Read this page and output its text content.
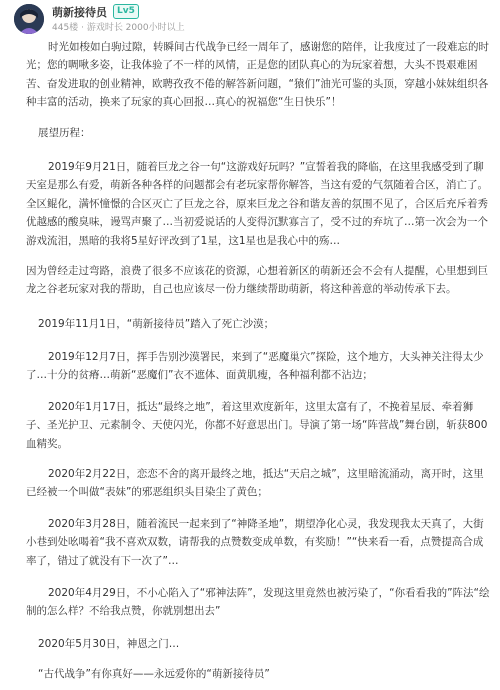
萌新接待员	Lv5
445楼 · 游戏时长 2000小时以上
时光如梭如白驹过隙，转瞬间古代战争已经一周年了，感谢您的陪伴，让我度过了一段难忘的时光；您的啁啾多姿，让我体验了不一样的风情，正是您的团队真心的为玩家着想，大头不畏艰难困苦、奋发进取的创业精神，欧聘孜孜不倦的解答新问题，“猿们”油光可鉴的头顶，穿越小妹妹组织各种丰富的活动，换来了玩家的真心回报…真心的祝福您“生日快乐”！
展望历程：
2019年9月21日，随着巨龙之谷一句“这游戏好玩吗？”宣誓着我的降临，在这里我感受到了聊天室是那么有爱，萌新各种各样的问题都会有老玩家帮你解答，当这有爱的气氛随着合区，消亡了。全区鲲化，满怀憧憬的合区灭亡了巨龙之谷，原来巨龙之谷和谐友善的氛围不见了，合区后充斥着秀优越感的酸臭味，谩骂声聚了…当初爱说话的人变得沉默寡言了，受不过的弃坑了…第一次会为一个游戏流泪，黑暗的我将5星好评改到了1星，这1星也是我心中的殇…
因为曾经走过弯路，浪费了很多不应该花的资源，心想着新区的萌新还会不会有人提醒，心里想到巨龙之谷老玩家对我的帮助，自己也应该尽一份力继续帮助萌新，将这种善意的举动传承下去。
2019年11月1日，“萌新接待员”踏入了死亡沙漠；
2019年12月7日，挥手告别沙漠署民，来到了“恶魔巢穴”探险，这个地方，大头神关注得太少了…十分的贫瘠…萌新“恶魔们”衣不遮体、面黄肌瘦，各种福利都不沾边；
2020年1月17日，抵达“最终之地”，着这里欢度新年，这里太富有了，不挽着星辰、牵着狮子、圣光护卫、元素制令、天使闪光，你都不好意思出门。导演了第一场“阵营战”舞台剧，斩获800血精奖。
2020年2月22日，恋恋不舍的离开最终之地，抵达“天启之城”，这里暗流涌动，离开时，这里已经被一个叫做“表妹”的邪恶组织头目染尘了黄色；
2020年3月28日，随着流民一起来到了“神降圣地”，期望净化心灵，我发现我太天真了，大街小巷到处吆喝着“我不喜欢双数，请帮我的点赞数变成单数，有奖励！”“快来看一看，点赞提高合成率了，错过了就没有下一次了”…
2020年4月29日，不小心陷入了“邪神法阵”，发现这里竟然也被污染了，“你看看我的”阵法“绘制的怎么样？不给我点赞，你就别想出去”
2020年5月30日，神恩之门…
“古代战争”有你真好——永远爱你的“萌新接待员”
